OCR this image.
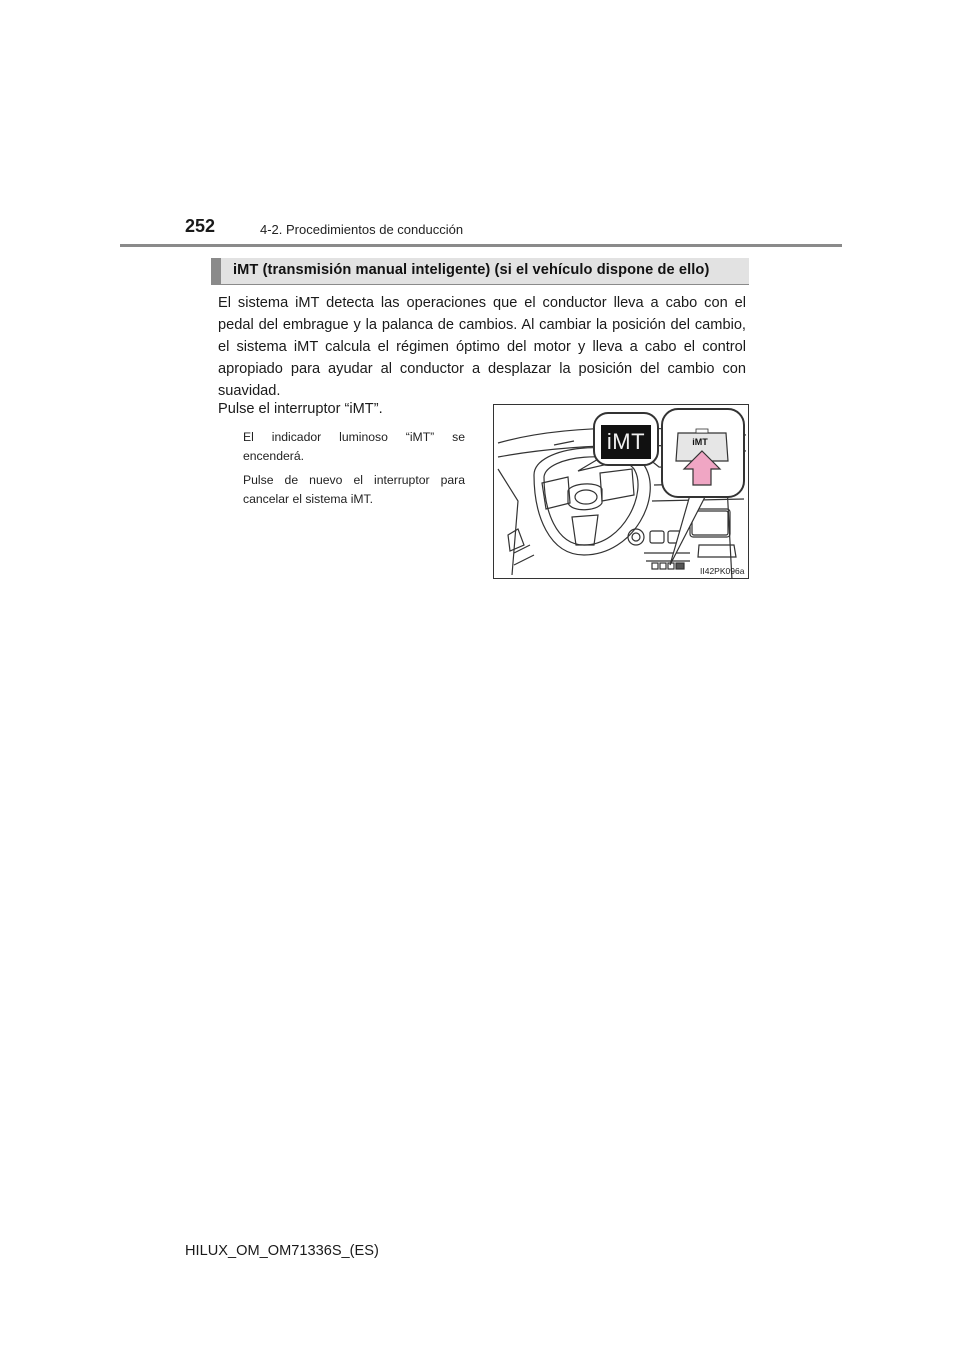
252	4-2. Procedimientos de conducción
iMT (transmisión manual inteligente) (si el vehículo dispone de ello)

El sistema iMT detecta las operaciones que el conductor lleva a cabo con el pedal del embrague y la palanca de cambios. Al cambiar la posición del cambio, el sistema iMT calcula el régimen óptimo del motor y lleva a cabo el control apropiado para ayudar al conductor a desplazar la posición del cambio con suavidad.

Pulse el interruptor “iMT”.

El indicador luminoso “iMT” se encenderá.

Pulse de nuevo el interruptor para cancelar el sistema iMT.

iMT	iMT
II42PK096a
HILUX_OM_OM71336S_(ES)
